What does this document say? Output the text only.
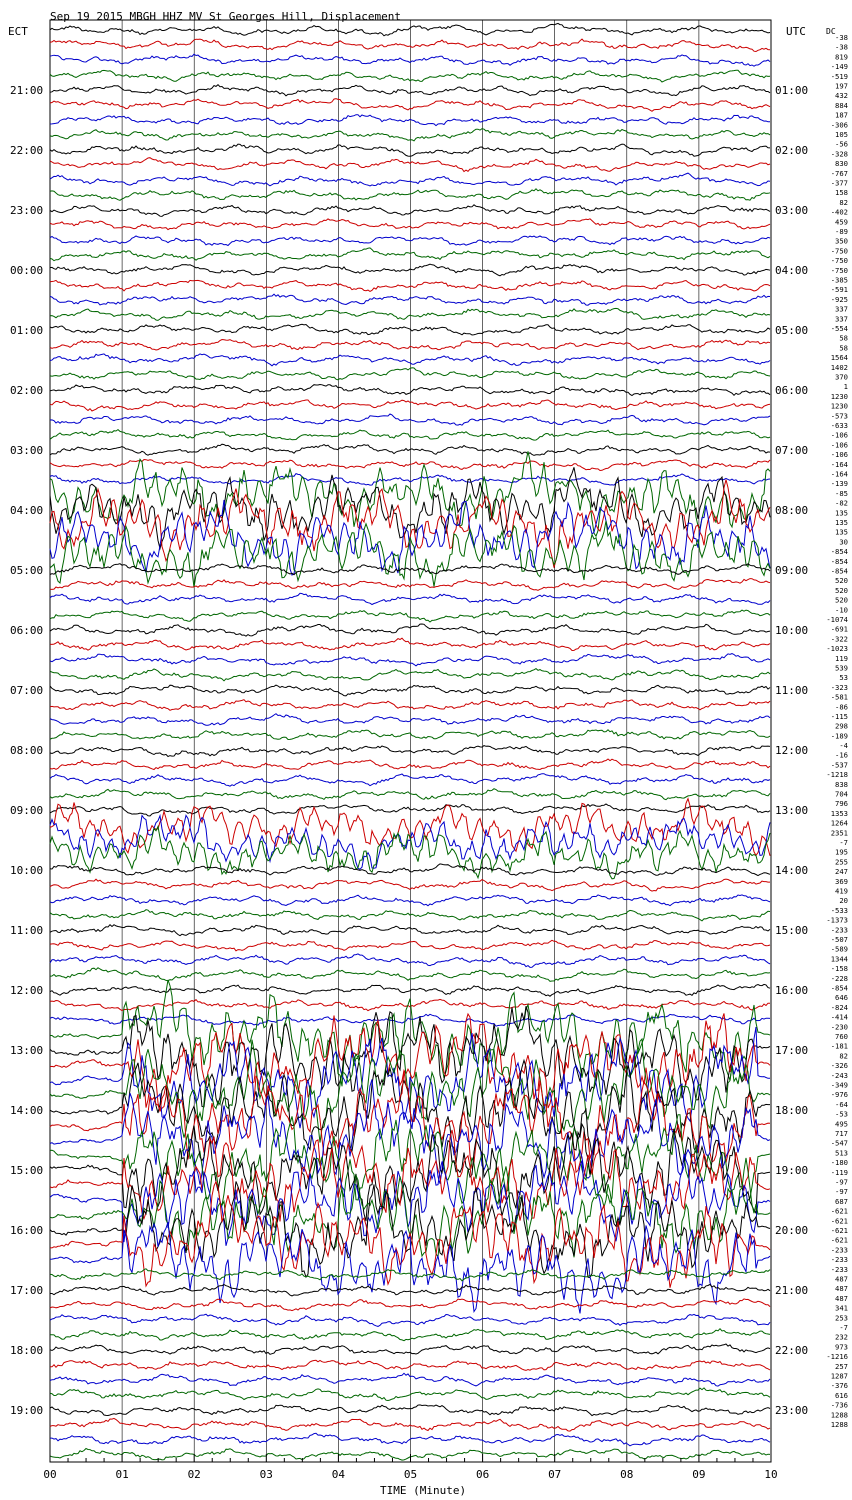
Sep 19 2015 MBGH HHZ MV St Georges Hill, Displacement
ECT	UTC	DC
21:00
22:00
23:00
00:00
01:00
02:00
03:00
04:00
05:00
06:00
07:00
08:00
09:00
10:00
11:00
12:00
13:00
14:00
15:00
16:00
17:00
18:00
19:00
01:00
02:00
03:00
04:00
05:00
06:00
07:00
08:00
09:00
10:00
11:00
12:00
13:00
14:00
15:00
16:00
17:00
18:00
19:00
20:00
21:00
22:00
23:00
-38
-38
819
-149
-519
197
432
884
187
-306
105
-56
-328
830
-767
-377
158
82
-402
459
-89
350
-750
-750
-750
-385
-591
-925
337
337
-554
58
58
1564
1402
370
1
1230
1230
-573
-633
-106
-106
-106
-164
-164
-139
-85
-82
135
135
135
30
-854
-854
-854
520
520
520
-10
-1074
-691
-322
-1023
119
539
53
-323
-581
-86
-115
298
-189
-4
-16
-537
-1218
838
704
796
1353
1264
2351
-7
195
255
247
369
419
20
-533
-1373
-233
-507
-589
1344
-158
-228
-854
646
-824
-414
-230
760
-181
82
-326
-243
-349
-976
-64
-53
495
717
-547
513
-180
-119
-97
-97
687
-621
-621
-621
-621
-233
-233
-233
487
487
487
341
253
-7
232
973
-1216
257
1287
-376
616
-736
1288
1288
00	01	02	03	04	05	06	07	08	09	10
TIME (Minute)
